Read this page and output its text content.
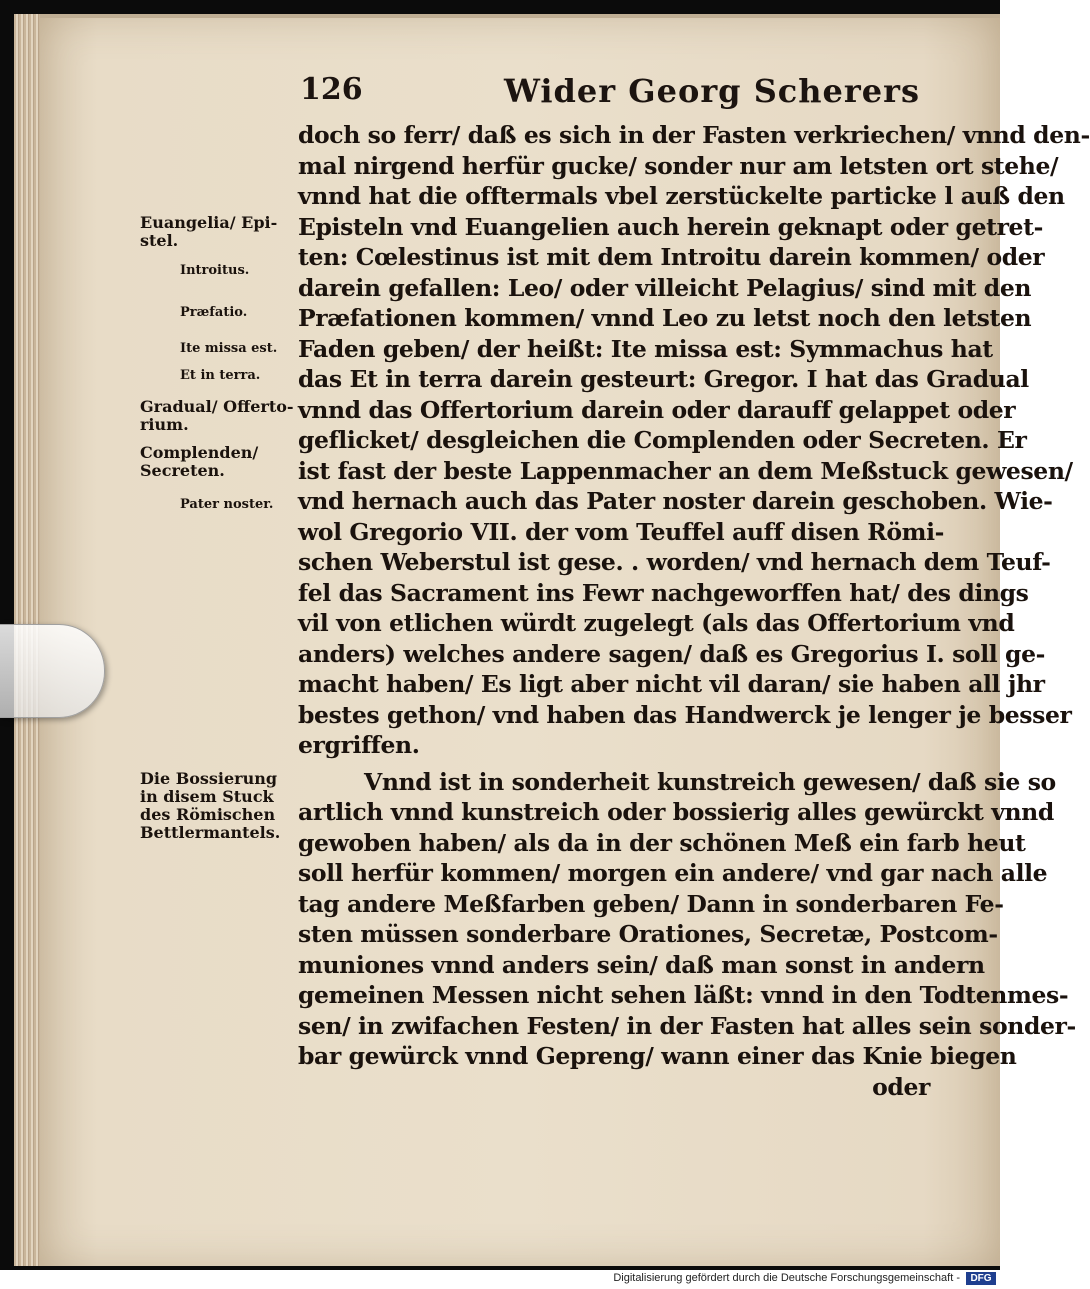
126	Wider Georg Scherers
doch so ferr/ daß es sich in der Fasten verkriechen/ vnnd den-
mal nirgend herfür gucke/ sonder nur am letsten ort stehe/
vnnd hat die offtermals vbel zerstückelte particke l auß den
Episteln vnd Euangelien auch herein geknapt oder getret-
ten: Cœlestinus ist mit dem Introitu darein kommen/ oder
darein gefallen: Leo/ oder villeicht Pelagius/ sind mit den
Præfationen kommen/ vnnd Leo zu letst noch den letsten
Faden geben/ der heißt: Ite missa est: Symmachus hat
das Et in terra darein gesteurt: Gregor. I hat das Gradual
vnnd das Offertorium darein oder darauff gelappet oder
geflicket/ desgleichen die Complenden oder Secreten. Er
ist fast der beste Lappenmacher an dem Meßstuck gewesen/
vnd hernach auch das Pater noster darein geschoben. Wie-
wol Gregorio VII. der vom Teuffel auff disen Römi-
schen Weberstul ist gese. . worden/ vnd hernach dem Teuf-
fel das Sacrament ins Fewr nachgeworffen hat/ des dings
vil von etlichen würdt zugelegt (als das Offertorium vnd
anders) welches andere sagen/ daß es Gregorius I. soll ge-
macht haben/ Es ligt aber nicht vil daran/ sie haben all jhr
bestes gethon/ vnd haben das Handwerck je lenger je besser
ergriffen.
Vnnd ist in sonderheit kunstreich gewesen/ daß sie so
artlich vnnd kunstreich oder bossierig alles gewürckt vnnd
gewoben haben/ als da in der schönen Meß ein farb heut
soll herfür kommen/ morgen ein andere/ vnd gar nach alle
tag andere Meßfarben geben/ Dann in sonderbaren Fe-
sten müssen sonderbare Orationes, Secretæ, Postcom-
muniones vnnd anders sein/ daß man sonst in andern
gemeinen Messen nicht sehen läßt: vnnd in den Todtenmes-
sen/ in zwifachen Festen/ in der Fasten hat alles sein sonder-
bar gewürck vnnd Gepreng/ wann einer das Knie biegen
oder
Euangelia/ Epi-
stel.
Introitus.
Præfatio.
Ite missa est.
Et in terra.
Gradual/ Offerto-
rium.
Complenden/
Secreten.
Pater noster.
Die Bossierung
in disem Stuck
des Römischen
Bettlermantels.
Digitalisierung gefördert durch die Deutsche Forschungsgemeinschaft -	DFG
